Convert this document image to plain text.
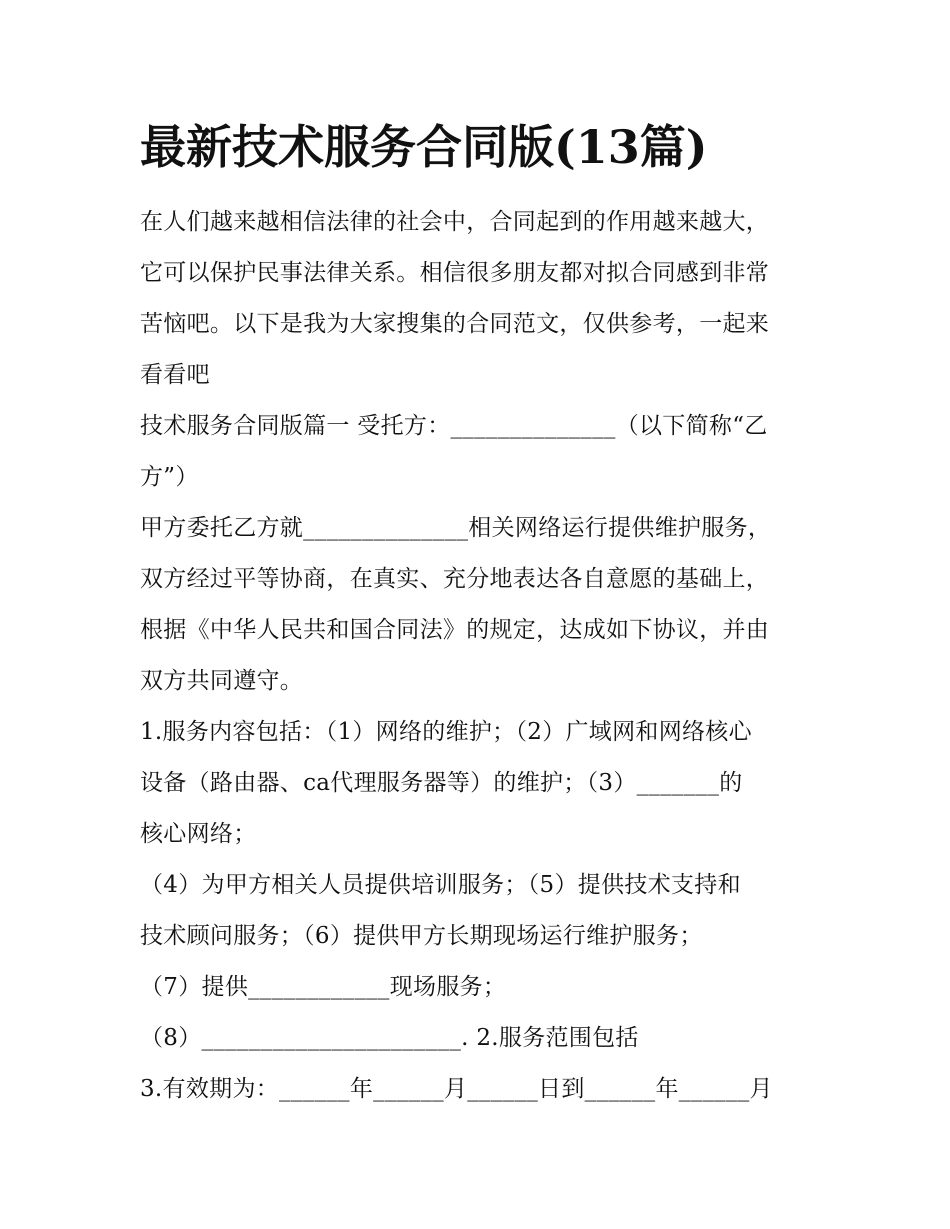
最新技术服务合同版(13篇)
在人们越来越相信法律的社会中，合同起到的作用越来越大，
它可以保护民事法律关系。相信很多朋友都对拟合同感到非常
苦恼吧。以下是我为大家搜集的合同范文，仅供参考，一起来
看看吧
技术服务合同版篇一 受托方：______________（以下简称“乙
方”）
甲方委托乙方就______________相关网络运行提供维护服务，
双方经过平等协商，在真实、充分地表达各自意愿的基础上，
根据《中华人民共和国合同法》的规定，达成如下协议，并由
双方共同遵守。
1.服务内容包括：（1）网络的维护；（2）广域网和网络核心
设备（路由器、ca代理服务器等）的维护；（3）_______的
核心网络；
（4）为甲方相关人员提供培训服务；（5）提供技术支持和
技术顾问服务；（6）提供甲方长期现场运行维护服务；
（7）提供____________现场服务；
（8）______________________. 2.服务范围包括
3.有效期为：______年______月______日到______年______月
